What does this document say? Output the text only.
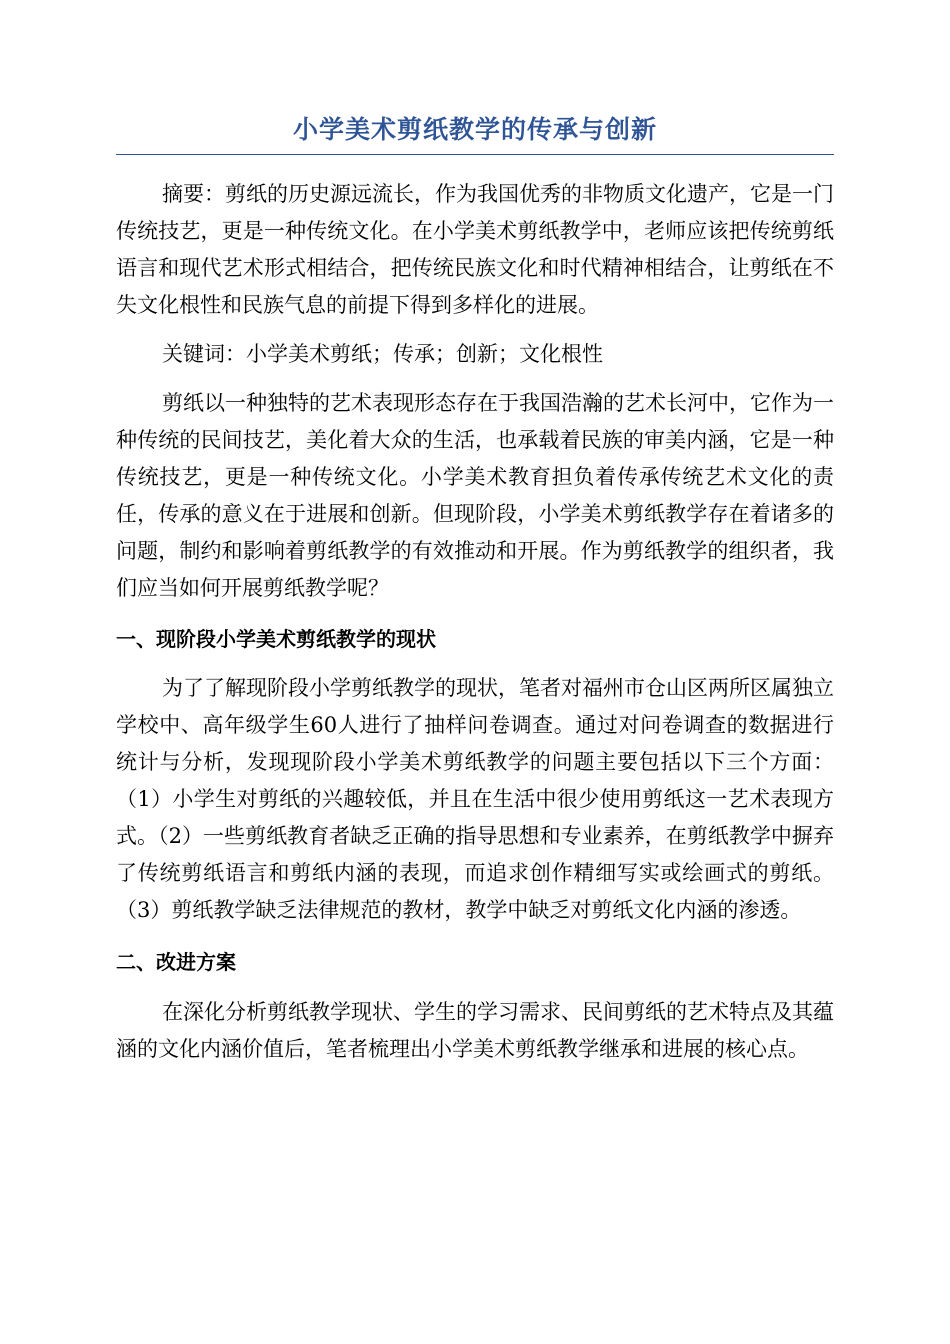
小学美术剪纸教学的传承与创新

摘要：剪纸的历史源远流长，作为我国优秀的非物质文化遗产，它是一门传统技艺，更是一种传统文化。在小学美术剪纸教学中，老师应该把传统剪纸语言和现代艺术形式相结合，把传统民族文化和时代精神相结合，让剪纸在不失文化根性和民族气息的前提下得到多样化的进展。

关键词：小学美术剪纸；传承；创新；文化根性

剪纸以一种独特的艺术表现形态存在于我国浩瀚的艺术长河中，它作为一种传统的民间技艺，美化着大众的生活，也承载着民族的审美内涵，它是一种传统技艺，更是一种传统文化。小学美术教育担负着传承传统艺术文化的责任，传承的意义在于进展和创新。但现阶段，小学美术剪纸教学存在着诸多的问题，制约和影响着剪纸教学的有效推动和开展。作为剪纸教学的组织者，我们应当如何开展剪纸教学呢？

一、现阶段小学美术剪纸教学的现状

为了了解现阶段小学剪纸教学的现状，笔者对福州市仓山区两所区属独立学校中、高年级学生60人进行了抽样问卷调查。通过对问卷调查的数据进行统计与分析，发现现阶段小学美术剪纸教学的问题主要包括以下三个方面：（1）小学生对剪纸的兴趣较低，并且在生活中很少使用剪纸这一艺术表现方式。（2）一些剪纸教育者缺乏正确的指导思想和专业素养，在剪纸教学中摒弃了传统剪纸语言和剪纸内涵的表现，而追求创作精细写实或绘画式的剪纸。（3）剪纸教学缺乏法律规范的教材，教学中缺乏对剪纸文化内涵的渗透。

二、改进方案

在深化分析剪纸教学现状、学生的学习需求、民间剪纸的艺术特点及其蕴涵的文化内涵价值后，笔者梳理出小学美术剪纸教学继承和进展的核心点。
